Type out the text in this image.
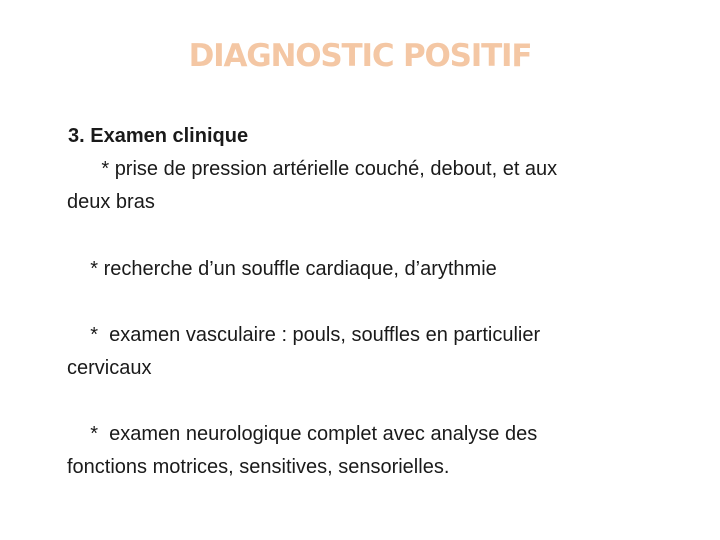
DIAGNOSTIC POSITIF

3. Examen clinique

* prise de pression artérielle couché, debout, et aux
deux bras
* recherche d’un souffle cardiaque, d’arythmie
*  examen vasculaire : pouls, souffles en particulier
cervicaux
*  examen neurologique complet avec analyse des
fonctions motrices, sensitives, sensorielles.
